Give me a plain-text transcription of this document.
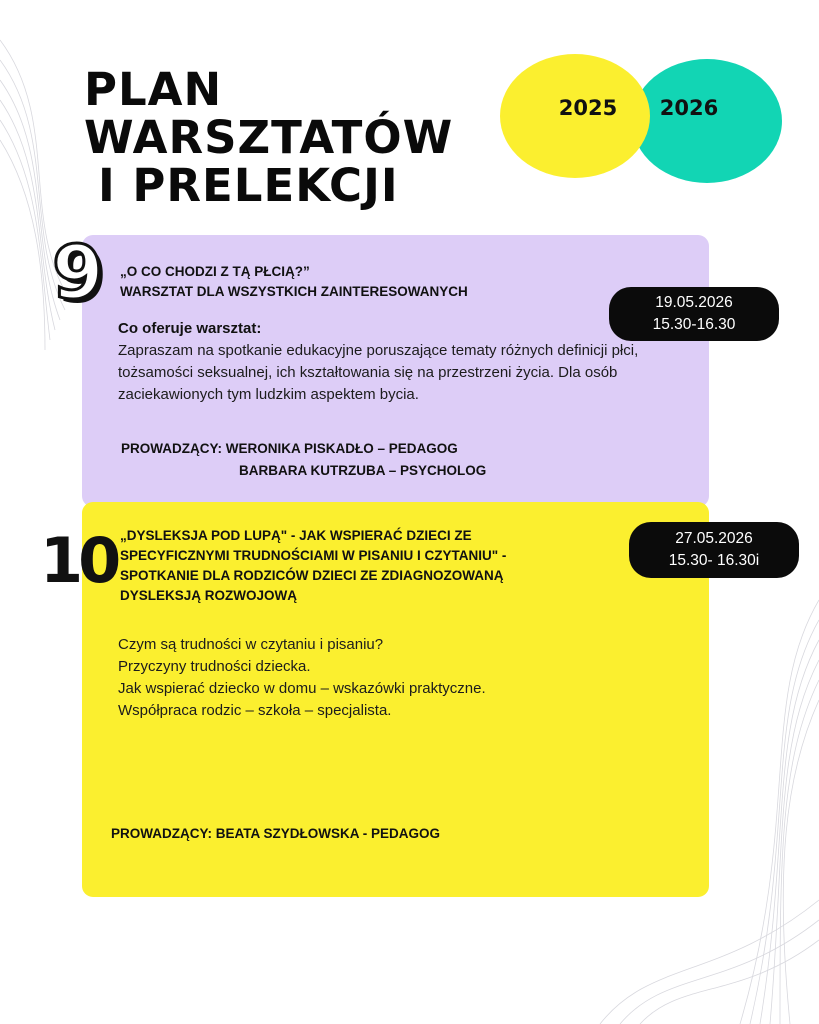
PLAN
WARSZTATÓW
I PRELEKCJI
2026
2025
9 „O CO CHODZI Z TĄ PŁCIĄ?”
WARSZTAT DLA WSZYSTKICH ZAINTERESOWANYCH
19.05.2026
15.30-16.30
Co oferuje warsztat:
Zapraszam na spotkanie edukacyjne poruszające tematy różnych definicji płci, tożsamości seksualnej, ich kształtowania się na przestrzeni życia. Dla osób zaciekawionych tym ludzkim aspektem bycia.
PROWADZĄCY: WERONIKA PISKADŁO – PEDAGOG
BARBARA KUTRZUBA – PSYCHOLOG
10 „DYSLEKSJA POD LUPĄ" - JAK WSPIERAĆ DZIECI ZE
SPECYFICZNYMI TRUDNOŚCIAMI W PISANIU I CZYTANIU" -
SPOTKANIE DLA RODZICÓW DZIECI ZE ZDIAGNOZOWANĄ
DYSLEKSJĄ ROZWOJOWĄ
27.05.2026
15.30- 16.30i
Czym są trudności w czytaniu i pisaniu?
Przyczyny trudności dziecka.
Jak wspierać dziecko w domu – wskazówki praktyczne.
Współpraca rodzic – szkoła – specjalista.
PROWADZĄCY: BEATA SZYDŁOWSKA - PEDAGOG
